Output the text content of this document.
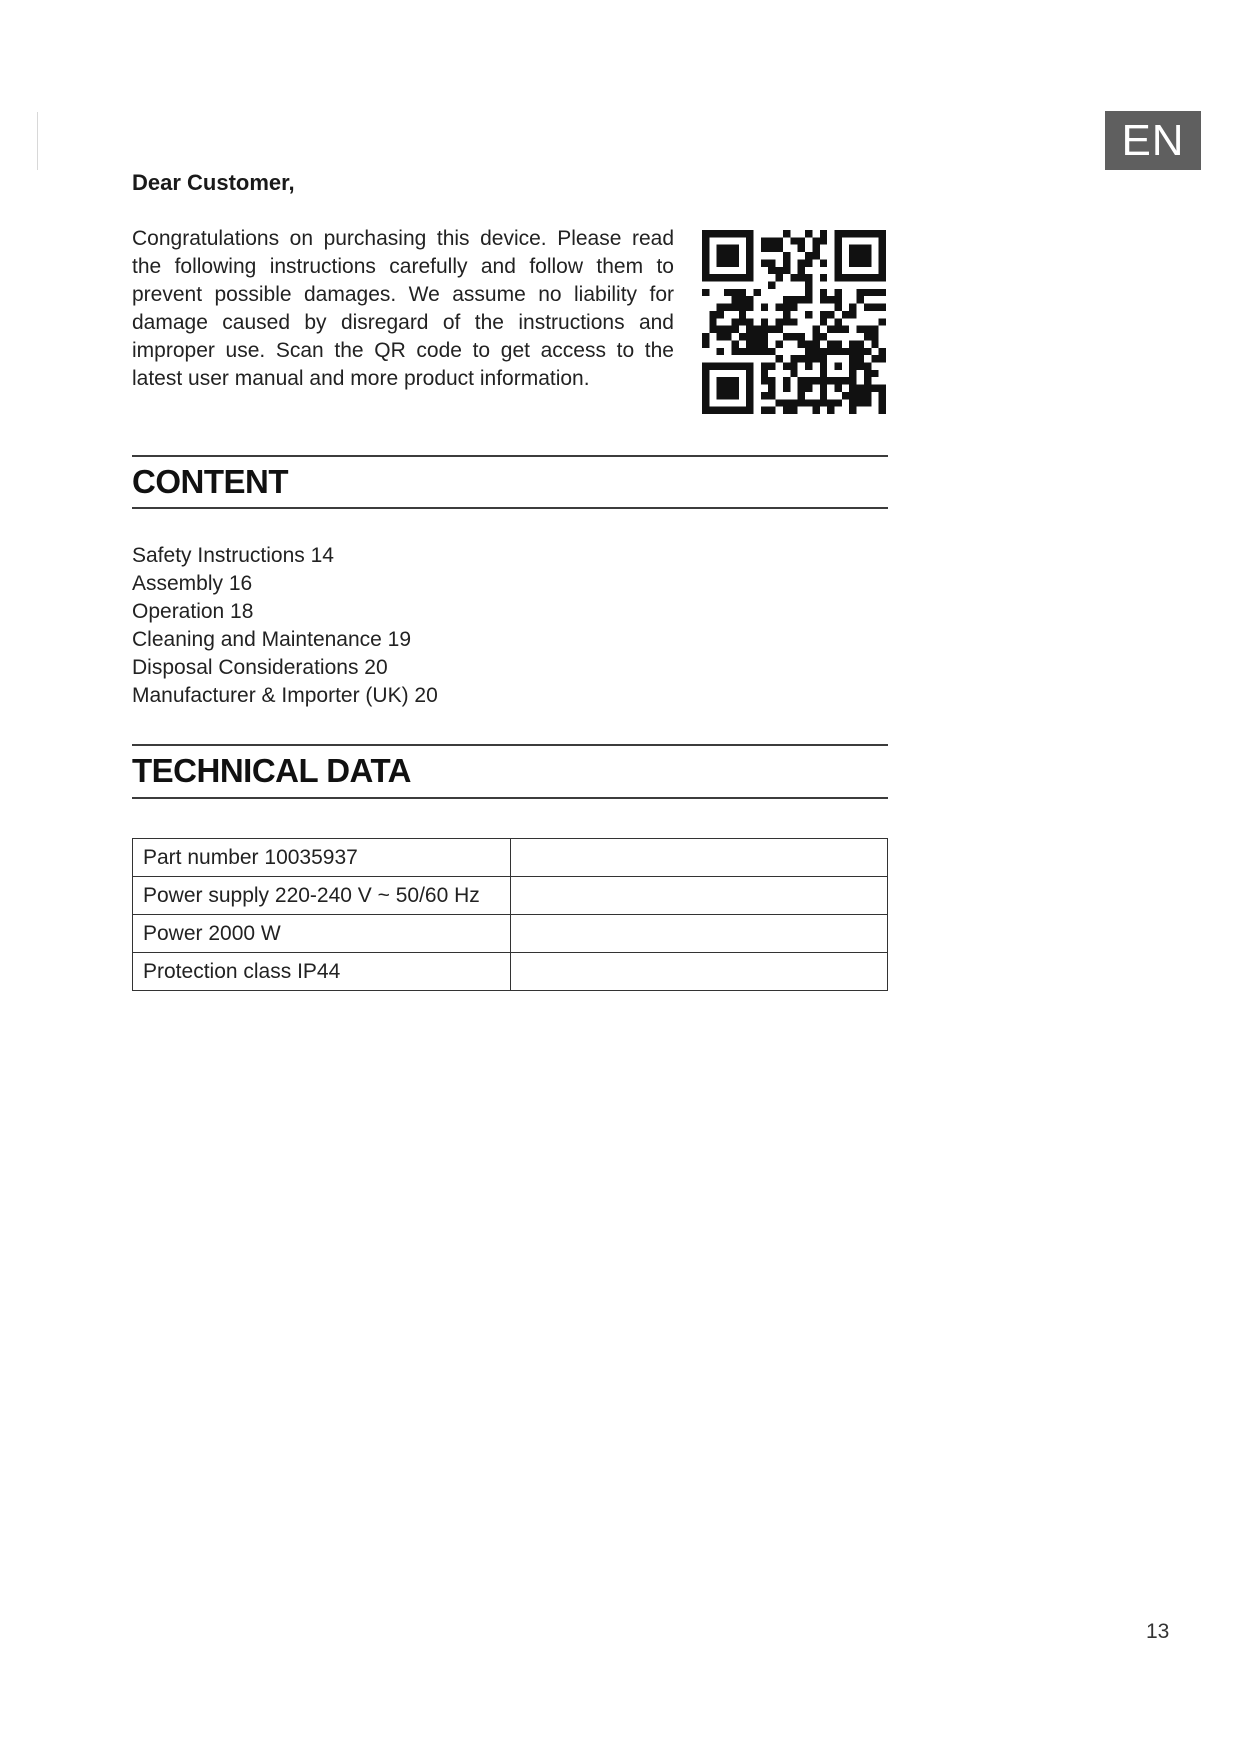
EN

Dear Customer,

Congratulations on purchasing this device. Please read the following instructions carefully and follow them to prevent possible damages. We assume no liability for damage caused by disregard of the instructions and improper use. Scan the QR code to get access to the latest user manual and more product information.

CONTENT
Safety Instructions 14
Assembly 16
Operation 18
Cleaning and Maintenance 19
Disposal Considerations 20
Manufacturer & Importer (UK) 20
TECHNICAL DATA
Part number 10035937	
Power supply 220-240 V ~ 50/60 Hz	
Power 2000 W	
Protection class IP44	
13
